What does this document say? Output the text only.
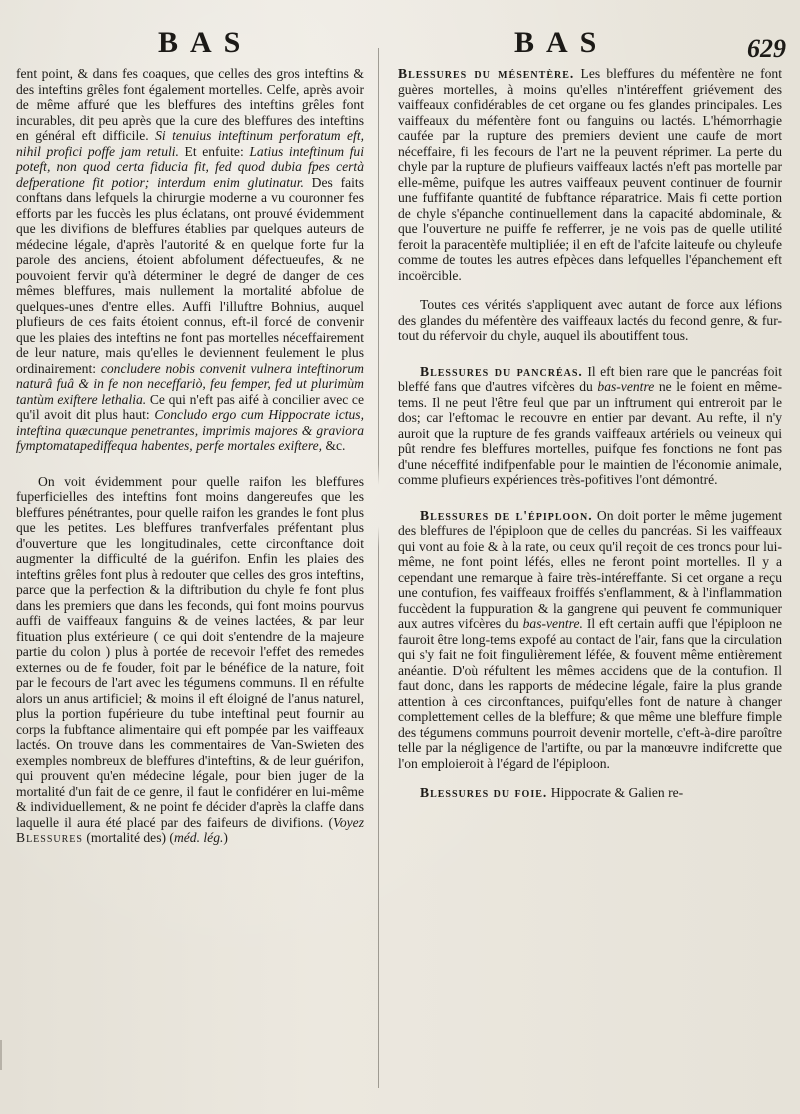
BAS	BAS	629

fent point, & dans fes coaques, que celles des gros inteftins & des inteftins grêles font également mortelles. Celfe, après avoir de même affuré que les bleffures des inteftins grêles font incurables, dit peu après que la cure des bleffures des inteftins en général eft difficile. Si tenuius inteftinum perforatum eft, nihil profici poffe jam retuli. Et enfuite: Latius inteftinum fui poteft, non quod certa fiducia fit, fed quod dubia fpes certà defperatione fit potior; interdum enim glutinatur. Des faits conftans dans lefquels la chirurgie moderne a vu couronner fes efforts par les fuccès les plus éclatans, ont prouvé évidemment que les divifions de bleffures établies par quelques auteurs de médecine légale, d'après l'autorité & en quelque forte fur la parole des anciens, étoient abfolument défectueufes, & ne pouvoient fervir qu'à déterminer le degré de danger de ces mêmes bleffures, mais nullement la mortalité abfolue de quelques-unes d'entre elles. Auffi l'illuftre Bohnius, auquel plufieurs de ces faits étoient connus, eft-il forcé de convenir que les plaies des inteftins ne font pas mortelles néceffairement de leur nature, mais qu'elles le deviennent feulement le plus ordinairement: concludere nobis convenit vulnera inteftinorum naturâ fuâ & in fe non neceffariò, feu femper, fed ut plurimùm tantùm exiftere lethalia. Ce qui n'eft pas aifé à concilier avec ce qu'il avoit dit plus haut: Concludo ergo cum Hippocrate ictus, inteftina quæcunque penetrantes, imprimis majores & graviora fymptomatapediffequa habentes, perfe mortales exiftere, &c.

On voit évidemment pour quelle raifon les bleffures fuperficielles des inteftins font moins dangereufes que les bleffures pénétrantes, pour quelle raifon les grandes le font plus que les petites. Les bleffures tranfverfales préfentant plus d'ouverture que les longitudinales, cette circonftance doit augmenter la difficulté de la guérifon. Enfin les plaies des inteftins grêles font plus à redouter que celles des gros inteftins, parce que la perfection & la diftribution du chyle fe font plus dans les premiers que dans les feconds, qui font moins pourvus auffi de vaiffeaux fanguins & de veines lactées, & par leur fituation plus extérieure ( ce qui doit s'entendre de la majeure partie du colon ) plus à portée de recevoir l'effet des remedes externes ou de fe fouder, foit par le bénéfice de la nature, foit par le fecours de l'art avec les tégumens communs. Il en réfulte alors un anus artificiel; & moins il eft éloigné de l'anus naturel, plus la portion fupérieure du tube inteftinal peut fournir au corps la fubftance alimentaire qui eft pompée par les vaiffeaux lactés. On trouve dans les commentaires de Van-Swieten des exemples nombreux de bleffures d'inteftins, & de leur guérifon, qui prouvent qu'en médecine légale, pour bien juger de la mortalité d'un fait de ce genre, il faut le confidérer en lui-même & individuellement, & ne point fe décider d'après la claffe dans laquelle il aura été placé par des faifeurs de divifions. (Voyez Blessures (mortalité des) (méd. lég.)

Blessures du mésentère. Les bleffures du méfentère ne font guères mortelles, à moins qu'elles n'intéreffent griévement des vaiffeaux confidérables de cet organe ou fes glandes principales. Les vaiffeaux du méfentère font ou fanguins ou lactés. L'hémorrhagie caufée par la rupture des premiers devient une caufe de mort néceffaire, fi les fecours de l'art ne la peuvent réprimer. La perte du chyle par la rupture de plufieurs vaiffeaux lactés n'eft pas mortelle par elle-même, puifque les autres vaiffeaux peuvent continuer de fournir une fuffifante quantité de fubftance réparatrice. Mais fi cette portion de chyle s'épanche continuellement dans la capacité abdominale, & que l'ouverture ne puiffe fe refferrer, je ne vois pas de quelle utilité feroit la paracentèfe multipliée; il en eft de l'afcite laiteufe ou chyleufe comme de toutes les autres efpèces dans lefquelles l'épanchement eft incoërcible.

Toutes ces vérités s'appliquent avec autant de force aux léfions des glandes du méfentère des vaiffeaux lactés du fecond genre, & fur-tout du réfervoir du chyle, auquel ils aboutiffent tous.

Blessures du pancréas. Il eft bien rare que le pancréas foit bleffé fans que d'autres vifcères du bas-ventre ne le foient en même-tems. Il ne peut l'être feul que par un inftrument qui entreroit par le dos; car l'eftomac le recouvre en entier par devant. Au refte, il n'y auroit que la rupture de fes grands vaiffeaux artériels ou veineux qui pût rendre fes bleffures mortelles, puifque fes fonctions ne font pas d'une néceffité indifpenfable pour le maintien de l'économie animale, comme plufieurs expériences très-pofitives l'ont démontré.

Blessures de l'épiploon. On doit porter le même jugement des bleffures de l'épiploon que de celles du pancréas. Si les vaiffeaux qui vont au foie & à la rate, ou ceux qu'il reçoit de ces troncs pour lui-même, ne font point léfés, elles ne feront point mortelles. Il y a cependant une remarque à faire très-intéreffante. Si cet organe a reçu une contufion, fes vaiffeaux froiffés s'enflamment, & à l'inflammation fuccèdent la fuppuration & la gangrene qui peuvent fe communiquer aux autres vifcères du bas-ventre. Il eft certain auffi que l'épiploon ne fauroit être long-tems expofé au contact de l'air, fans que la circulation qui s'y fait ne foit fingulièrement léfée, & fouvent même entièrement anéantie. D'où réfultent les mêmes accidens que de la contufion. Il faut donc, dans les rapports de médecine légale, faire la plus grande attention à ces circonftances, puifqu'elles font de nature à changer complettement celles de la bleffure; & que même une bleffure fimple des tégumens communs pourroit devenir mortelle, c'eft-à-dire paroître telle par la négligence de l'artifte, ou par la manœuvre indifcrette que l'on emploieroit à l'égard de l'épiploon.

Blessures du foie. Hippocrate & Galien re-
